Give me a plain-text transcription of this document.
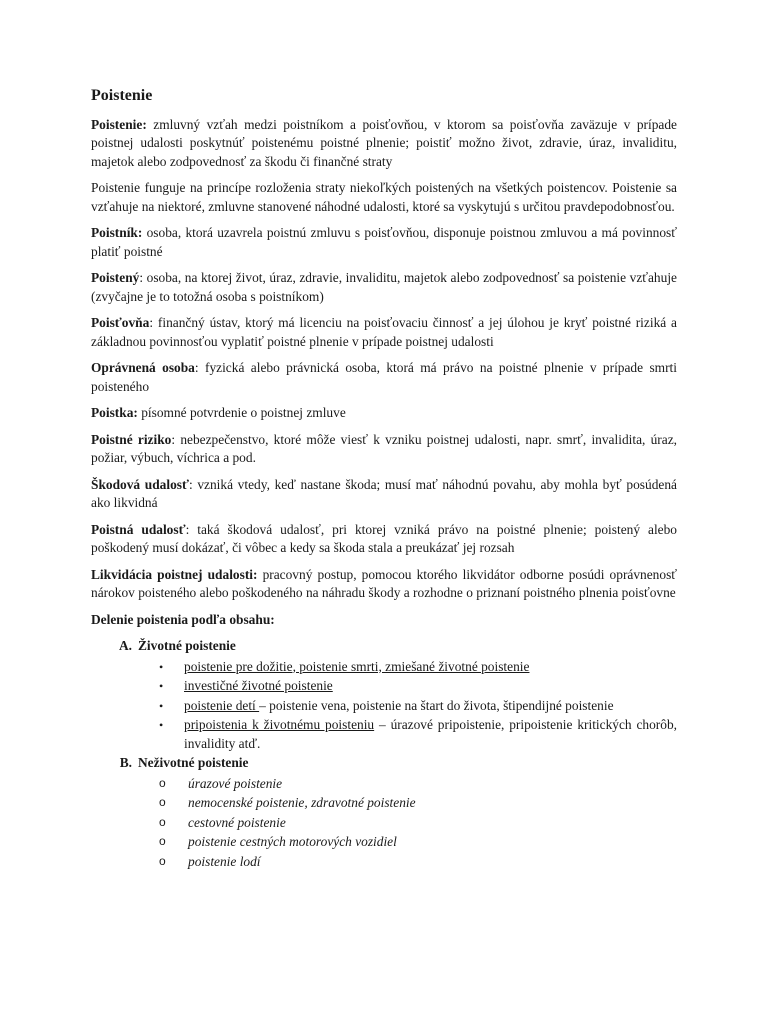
Poistenie

Poistenie: zmluvný vzťah medzi poistníkom a poisťovňou, v ktorom sa poisťovňa zaväzuje v prípade poistnej udalosti poskytnúť poistenému poistné plnenie; poistiť možno život, zdravie, úraz, invaliditu, majetok alebo zodpovednosť za škodu či finančné straty

Poistenie funguje na princípe rozloženia straty niekoľkých poistených na všetkých poistencov. Poistenie sa vzťahuje na niektoré, zmluvne stanovené náhodné udalosti, ktoré sa vyskytujú s určitou pravdepodobnosťou.

Poistník: osoba, ktorá uzavrela poistnú zmluvu s poisťovňou, disponuje poistnou zmluvou a má povinnosť platiť poistné

Poistený: osoba, na ktorej život, úraz, zdravie, invaliditu, majetok alebo zodpovednosť sa poistenie vzťahuje (zvyčajne je to totožná osoba s poistníkom)

Poisťovňa: finančný ústav, ktorý má licenciu na poisťovaciu činnosť a jej úlohou je kryť poistné riziká a základnou povinnosťou vyplatiť poistné plnenie v prípade poistnej udalosti

Oprávnená osoba: fyzická alebo právnická osoba, ktorá má právo na poistné plnenie v prípade smrti poisteného

Poistka: písomné potvrdenie o poistnej zmluve

Poistné riziko: nebezpečenstvo, ktoré môže viesť k vzniku poistnej udalosti, napr. smrť, invalidita, úraz, požiar, výbuch, víchrica a pod.

Škodová udalosť: vzniká vtedy, keď nastane škoda; musí mať náhodnú povahu, aby mohla byť posúdená ako likvidná

Poistná udalosť: taká škodová udalosť, pri ktorej vzniká právo na poistné plnenie; poistený alebo poškodený musí dokázať, či vôbec a kedy sa škoda stala a preukázať jej rozsah

Likvidácia poistnej udalosti: pracovný postup, pomocou ktorého likvidátor odborne posúdi oprávnenosť nárokov poisteného alebo poškodeného na náhradu škody a rozhodne o priznaní poistného plnenia poisťovne

Delenie poistenia podľa obsahu:
A. Životné poistenie
• poistenie pre dožitie, poistenie smrti, zmiešané životné poistenie
• investičné životné poistenie
• poistenie detí – poistenie vena, poistenie na štart do života, štipendijné poistenie
• pripoistenia k životnému poisteniu – úrazové pripoistenie, pripoistenie kritických chorôb, invalidity atď.
B. Neživotné poistenie
o úrazové poistenie
o nemocenské poistenie, zdravotné poistenie
o cestovné poistenie
o poistenie cestných motorových vozidiel
o poistenie lodí
